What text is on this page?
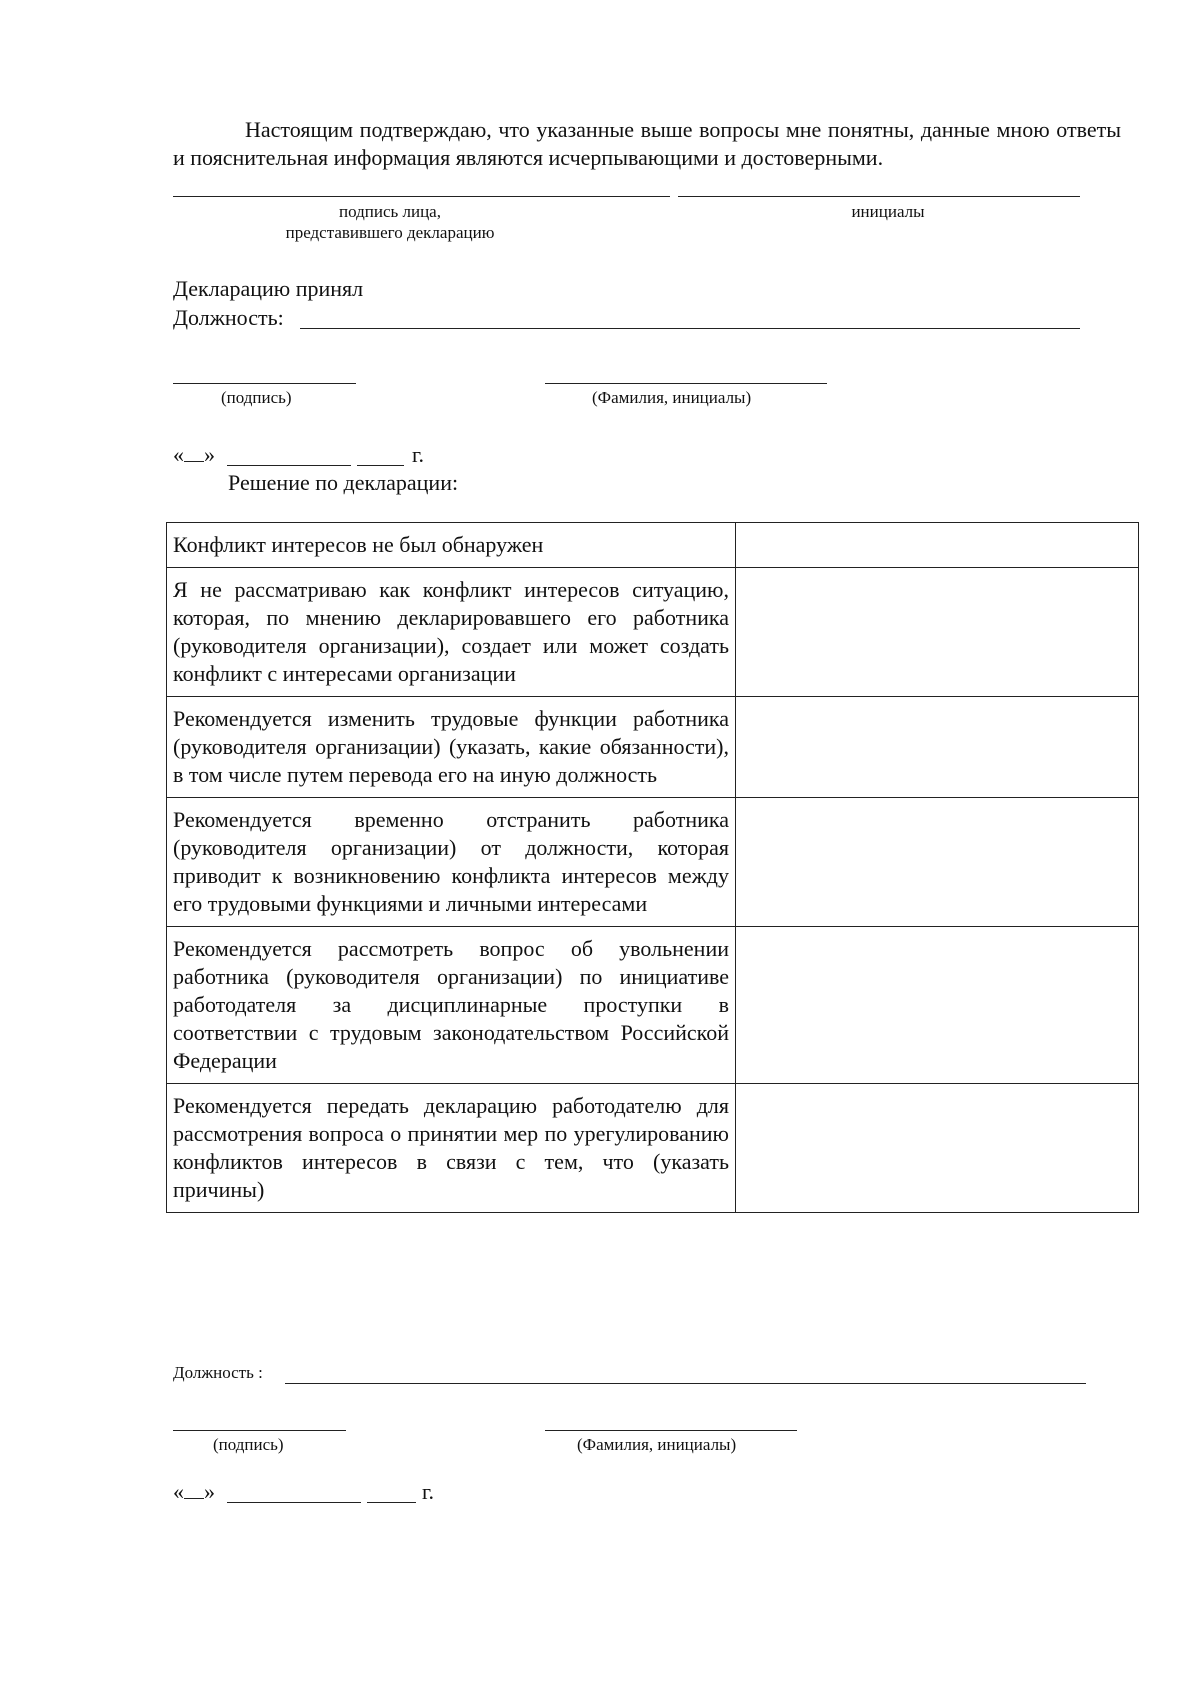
Настоящим подтверждаю, что указанные выше вопросы мне понятны, данные мною ответы и пояснительная информация являются исчерпывающими и достоверными.
подпись лица,
представившего декларацию
инициалы
Декларацию принял
Должность:
(подпись)	(Фамилия, инициалы)
« »	г.
Решение по декларации:
Конфликт интересов не был обнаружен	
Я не рассматриваю как конфликт интересов ситуацию, которая, по мнению декларировавшего его работника (руководителя организации), создает или может создать конфликт с интересами организации	
Рекомендуется изменить трудовые функции работника (руководителя организации) (указать, какие обязанности), в том числе путем перевода его на иную должность	
Рекомендуется временно отстранить работника (руководителя организации) от должности, которая приводит к возникновению конфликта интересов между его трудовыми функциями и личными интересами	
Рекомендуется рассмотреть вопрос об увольнении работника (руководителя организации) по инициативе работодателя за дисциплинарные проступки в соответствии с трудовым законодательством Российской Федерации	
Рекомендуется передать декларацию работодателю для рассмотрения вопроса о принятии мер по урегулированию конфликтов интересов в связи с тем, что (указать причины)	
Должность :
(подпись)	(Фамилия, инициалы)
« »	г.
